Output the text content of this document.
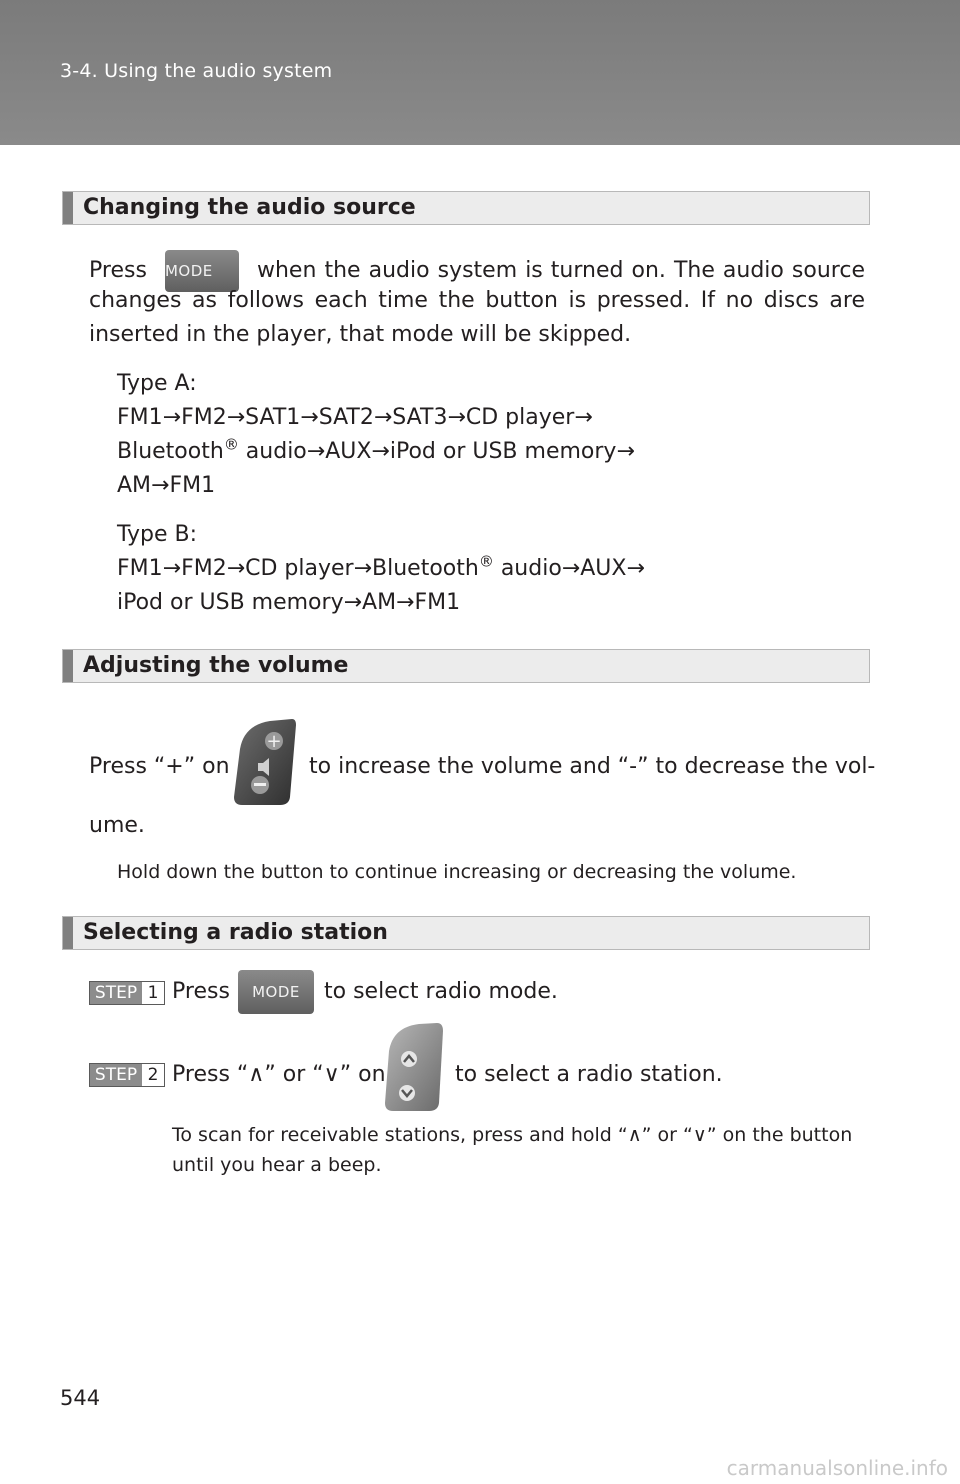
3-4. Using the audio system
Changing the audio source
Press MODE when the audio system is turned on. The audio source
changes as follows each time the button is pressed. If no discs are
inserted in the player, that mode will be skipped.
Type A:
FM1→FM2→SAT1→SAT2→SAT3→CD player→
Bluetooth® audio→AUX→iPod or USB memory→
AM→FM1
Type B:
FM1→FM2→CD player→Bluetooth® audio→AUX→
iPod or USB memory→AM→FM1
Adjusting the volume
Press “+” on
+
to increase the volume and “-” to decrease the vol-
ume.
Hold down the button to continue increasing or decreasing the volume.
Selecting a radio station
STEP 1 Press	MODE	to select radio mode.
STEP 2 Press “∧” or “∨” on	to select a radio station.
To scan for receivable stations, press and hold “∧” or “∨” on the button
until you hear a beep.
544
carmanualsonline.info
